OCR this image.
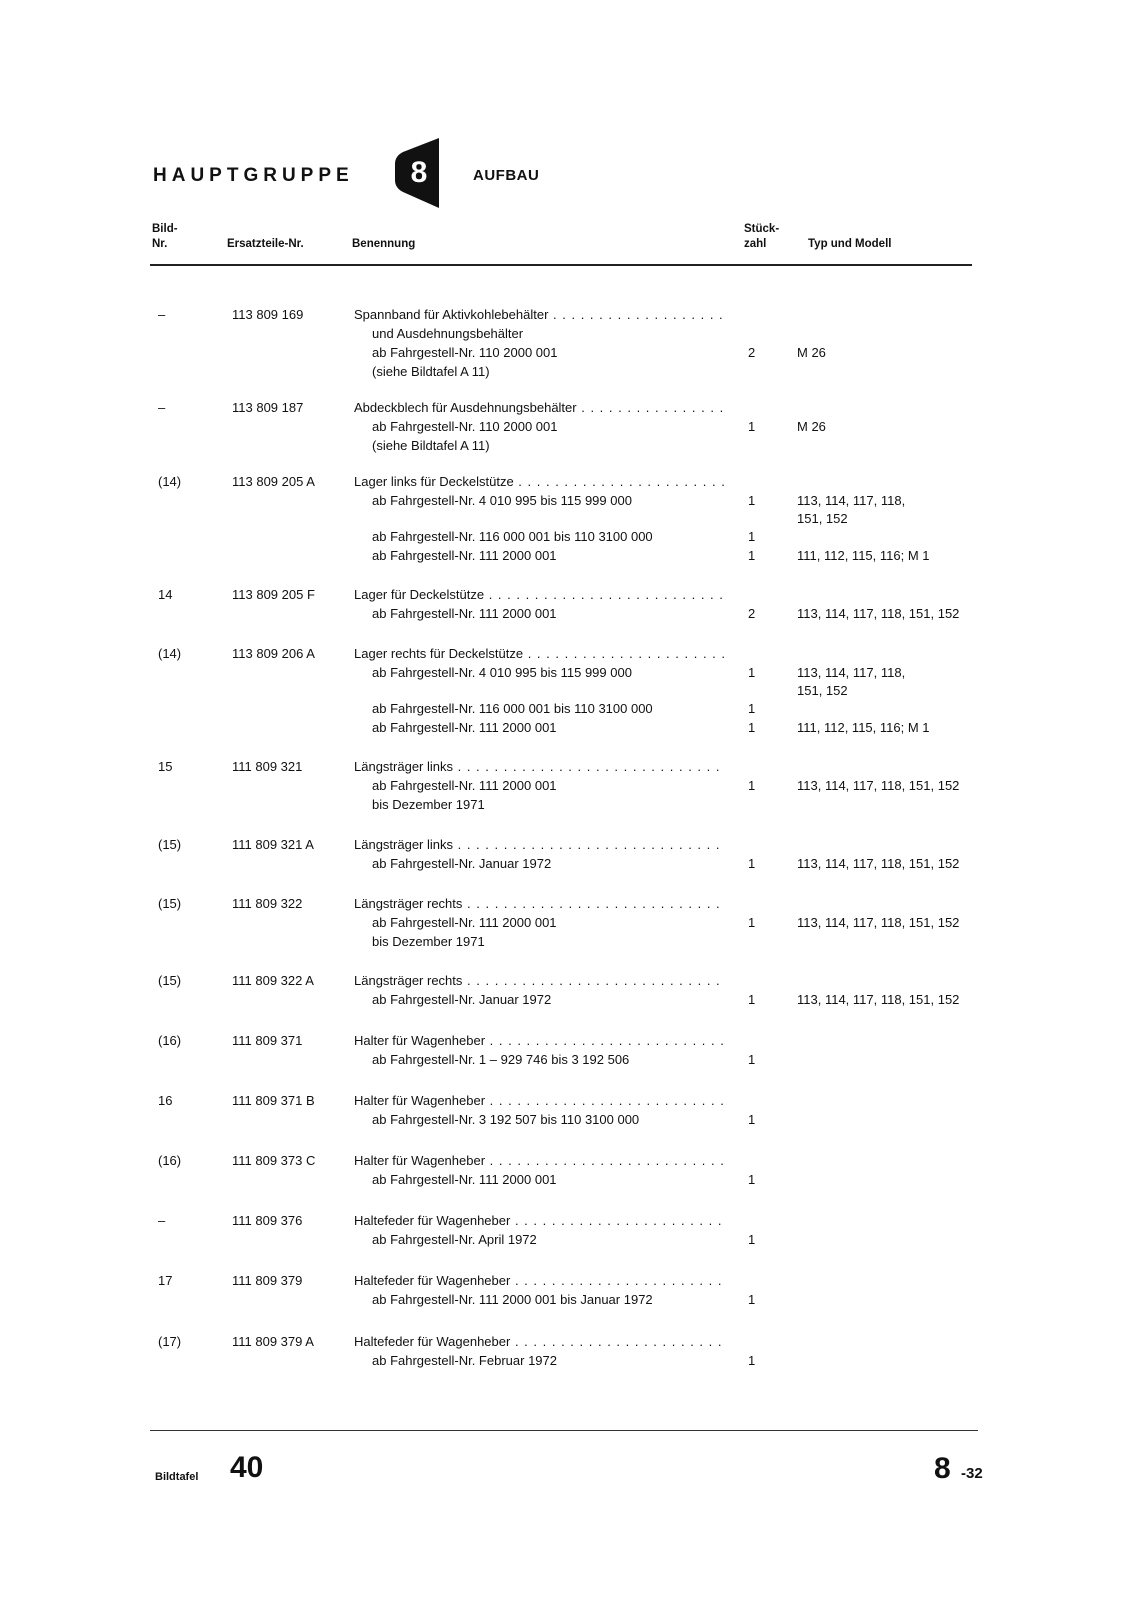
HAUPTGRUPPE 8	AUFBAU
Bild-
Nr.	Ersatzteile-Nr.	Benennung
Stück-
zahl	Typ und Modell
–	113 809 169	Spannband für Aktivkohlebehälter . . .
und Ausdehnungsbehälter
ab Fahrgestell-Nr. 110 2000 001	2	M 26
(siehe Bildtafel A 11)
–	113 809 187	Abdeckblech für Ausdehnungsbehälter . . .
ab Fahrgestell-Nr. 110 2000 001	1	M 26
(siehe Bildtafel A 11)
(14)	113 809 205 A	Lager links für Deckelstütze . . .
ab Fahrgestell-Nr. 4 010 995 bis 115 999 000	1	113, 114, 117, 118,
151, 152
ab Fahrgestell-Nr. 116 000 001 bis 110 3100 000	1
ab Fahrgestell-Nr. 111 2000 001	1	111, 112, 115, 116; M 1
14	113 809 205 F	Lager für Deckelstütze . . .
ab Fahrgestell-Nr. 111 2000 001	2	113, 114, 117, 118, 151, 152
(14)	113 809 206 A	Lager rechts für Deckelstütze . . .
ab Fahrgestell-Nr. 4 010 995 bis 115 999 000	1	113, 114, 117, 118,
151, 152
ab Fahrgestell-Nr. 116 000 001 bis 110 3100 000	1
ab Fahrgestell-Nr. 111 2000 001	1	111, 112, 115, 116; M 1
15	111 809 321	Längsträger links . . .
ab Fahrgestell-Nr. 111 2000 001	1	113, 114, 117, 118, 151, 152
bis Dezember 1971
(15)	111 809 321 A	Längsträger links . . .
ab Fahrgestell-Nr. Januar 1972	1	113, 114, 117, 118, 151, 152
(15)	111 809 322	Längsträger rechts . . .
ab Fahrgestell-Nr. 111 2000 001	1	113, 114, 117, 118, 151, 152
bis Dezember 1971
(15)	111 809 322 A	Längsträger rechts . . .
ab Fahrgestell-Nr. Januar 1972	1	113, 114, 117, 118, 151, 152
(16)	111 809 371	Halter für Wagenheber . . .
ab Fahrgestell-Nr. 1 – 929 746 bis 3 192 506	1
16	111 809 371 B	Halter für Wagenheber . . .
ab Fahrgestell-Nr. 3 192 507 bis 110 3100 000	1
(16)	111 809 373 C	Halter für Wagenheber . . .
ab Fahrgestell-Nr. 111 2000 001	1
–	111 809 376	Haltefeder für Wagenheber . . .
ab Fahrgestell-Nr. April 1972	1
17	111 809 379	Haltefeder für Wagenheber . . .
ab Fahrgestell-Nr. 111 2000 001 bis Januar 1972	1
(17)	111 809 379 A	Haltefeder für Wagenheber . . .
ab Fahrgestell-Nr. Februar 1972	1
Bildtafel 40	8 -32
